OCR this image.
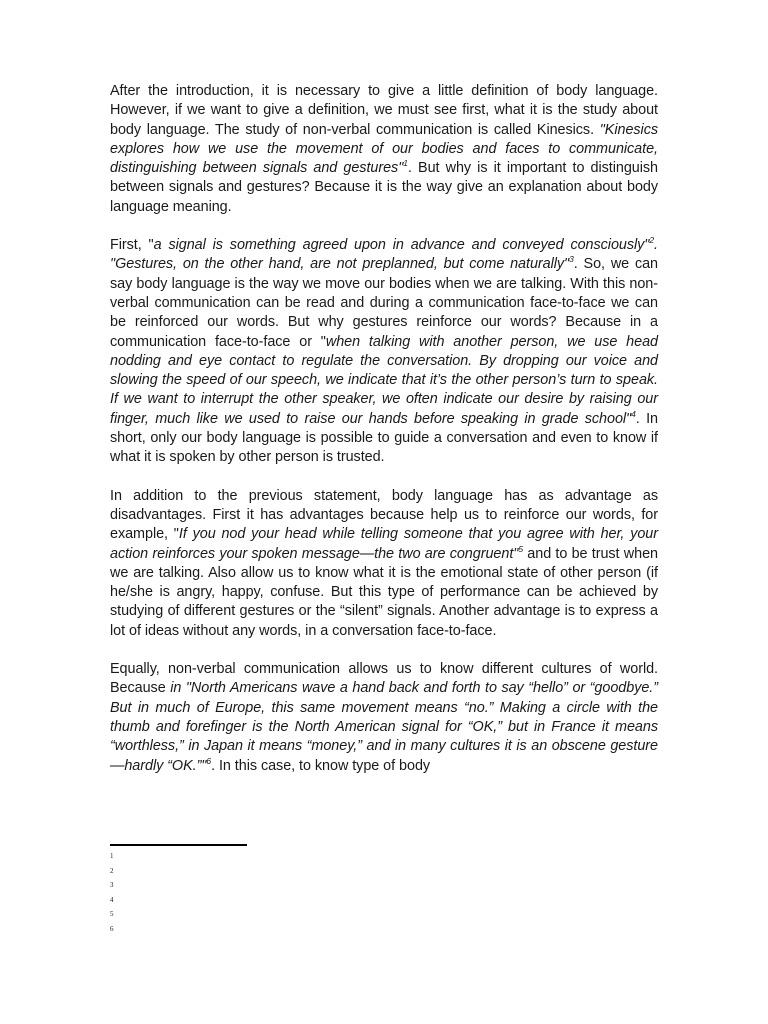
After the introduction, it is necessary to give a little definition of body language. However, if we want to give a definition, we must see first, what it is the study about body language. The study of non-verbal communication is called Kinesics. "Kinesics explores how we use the movement of our bodies and faces to communicate, distinguishing between signals and gestures"$^1$. But why is it important to distinguish between signals and gestures? Because it is the way give an explanation about body language meaning.

First, "a signal is something agreed upon in advance and conveyed consciously"$^2$. "Gestures, on the other hand, are not preplanned, but come naturally"$^3$. So, we can say body language is the way we move our bodies when we are talking. With this non-verbal communication can be read and during a communication face-to-face we can be reinforced our words. But why gestures reinforce our words? Because in a communication face-to-face or "when talking with another person, we use head nodding and eye contact to regulate the conversation. By dropping our voice and slowing the speed of our speech, we indicate that it’s the other person’s turn to speak. If we want to interrupt the other speaker, we often indicate our desire by raising our finger, much like we used to raise our hands before speaking in grade school"$^4$. In short, only our body language is possible to guide a conversation and even to know if what it is spoken by other person is trusted.

In addition to the previous statement, body language has as advantage as disadvantages. First it has advantages because help us to reinforce our words, for example, "If you nod your head while telling someone that you agree with her, your action reinforces your spoken message—the two are congruent"$^5$ and to be trust when we are talking. Also allow us to know what it is the emotional state of other person (if he/she is angry, happy, confuse. But this type of performance can be achieved by studying of different gestures or the “silent” signals. Another advantage is to express a lot of ideas without any words, in a conversation face-to-face.

Equally, non-verbal communication allows us to know different cultures of world. Because in "North Americans wave a hand back and forth to say “hello” or “goodbye.” But in much of Europe, this same movement means “no.” Making a circle with the thumb and forefinger is the North American signal for “OK,” but in France it means “worthless,” in Japan it means “money,” and in many cultures it is an obscene gesture—hardly “OK.”"$^6$. In this case, to know type of body

1
2
3
4
5
6
